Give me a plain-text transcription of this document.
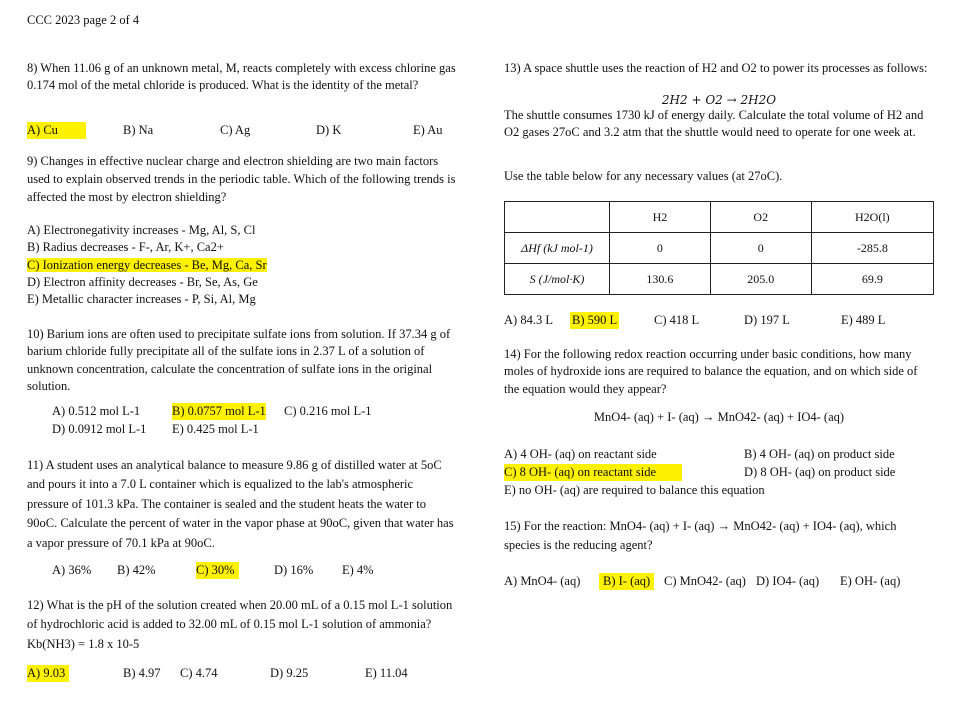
CCC 2023 page 2 of 4

8) When 11.06 g of an unknown metal, M, reacts completely with excess chlorine gas 0.174 mol of the metal chloride is produced. What is the identity of the metal?

A) Cu	B) Na	C) Ag	D) K	E) Au

9) Changes in effective nuclear charge and electron shielding are two main factors used to explain observed trends in the periodic table. Which of the following trends is affected the most by electron shielding?

A) Electronegativity increases - Mg, Al, S, Cl
B) Radius decreases - F-, Ar, K+, Ca2+
C) Ionization energy decreases - Be, Mg, Ca, Sr
D) Electron affinity decreases - Br, Se, As, Ge
E) Metallic character increases - P, Si, Al, Mg

10) Barium ions are often used to precipitate sulfate ions from solution. If 37.34 g of barium chloride fully precipitate all of the sulfate ions in 2.37 L of a solution of unknown concentration, calculate the concentration of sulfate ions in the original solution.

A) 0.512 mol L-1	B) 0.0757 mol L-1 C) 0.216 mol L-1
D) 0.0912 mol L-1 E) 0.425 mol L-1

11) A student uses an analytical balance to measure 9.86 g of distilled water at 5oC and pours it into a 7.0 L container which is equalized to the lab's atmospheric pressure of 101.3 kPa. The container is sealed and the student heats the water to 90oC. Calculate the percent of water in the vapor phase at 90oC, given that water has a vapor pressure of 70.1 kPa at 90oC.

A) 36% B) 42%	C) 30%	D) 16% E) 4%

12) What is the pH of the solution created when 20.00 mL of a 0.15 mol L-1 solution of hydrochloric acid is added to 32.00 mL of 0.15 mol L-1 solution of ammonia? Kb(NH3) = 1.8 x 10-5

A) 9.03	B) 4.97 C) 4.74	D) 9.25	E) 11.04

13) A space shuttle uses the reaction of H2 and O2 to power its processes as follows:

2H2 + O2 → 2H2O

The shuttle consumes 1730 kJ of energy daily. Calculate the total volume of H2 and O2 gases 27oC and 3.2 atm that the shuttle would need to operate for one week at.

Use the table below for any necessary values (at 27oC).

	H2	O2	H2O(l)
ΔHf (kJ mol-1)	0	0	-285.8
S (J/mol·K)	130.6	205.0	69.9
A) 84.3 L B) 590 L	C) 418 L	D) 197 L	E) 489 L

14) For the following redox reaction occurring under basic conditions, how many moles of hydroxide ions are required to balance the equation, and on which side of the equation would they appear?

MnO4- (aq) + I- (aq) → MnO42- (aq) + IO4- (aq)
A) 4 OH- (aq) on reactant side	B) 4 OH- (aq) on product side
C) 8 OH- (aq) on reactant side	D) 8 OH- (aq) on product side
E) no OH- (aq) are required to balance this equation

15) For the reaction: MnO4- (aq) + I- (aq) → MnO42- (aq) + IO4- (aq), which species is the reducing agent?

A) MnO4- (aq)	B) I- (aq)	C) MnO42- (aq) D) IO4- (aq) E) OH- (aq)
